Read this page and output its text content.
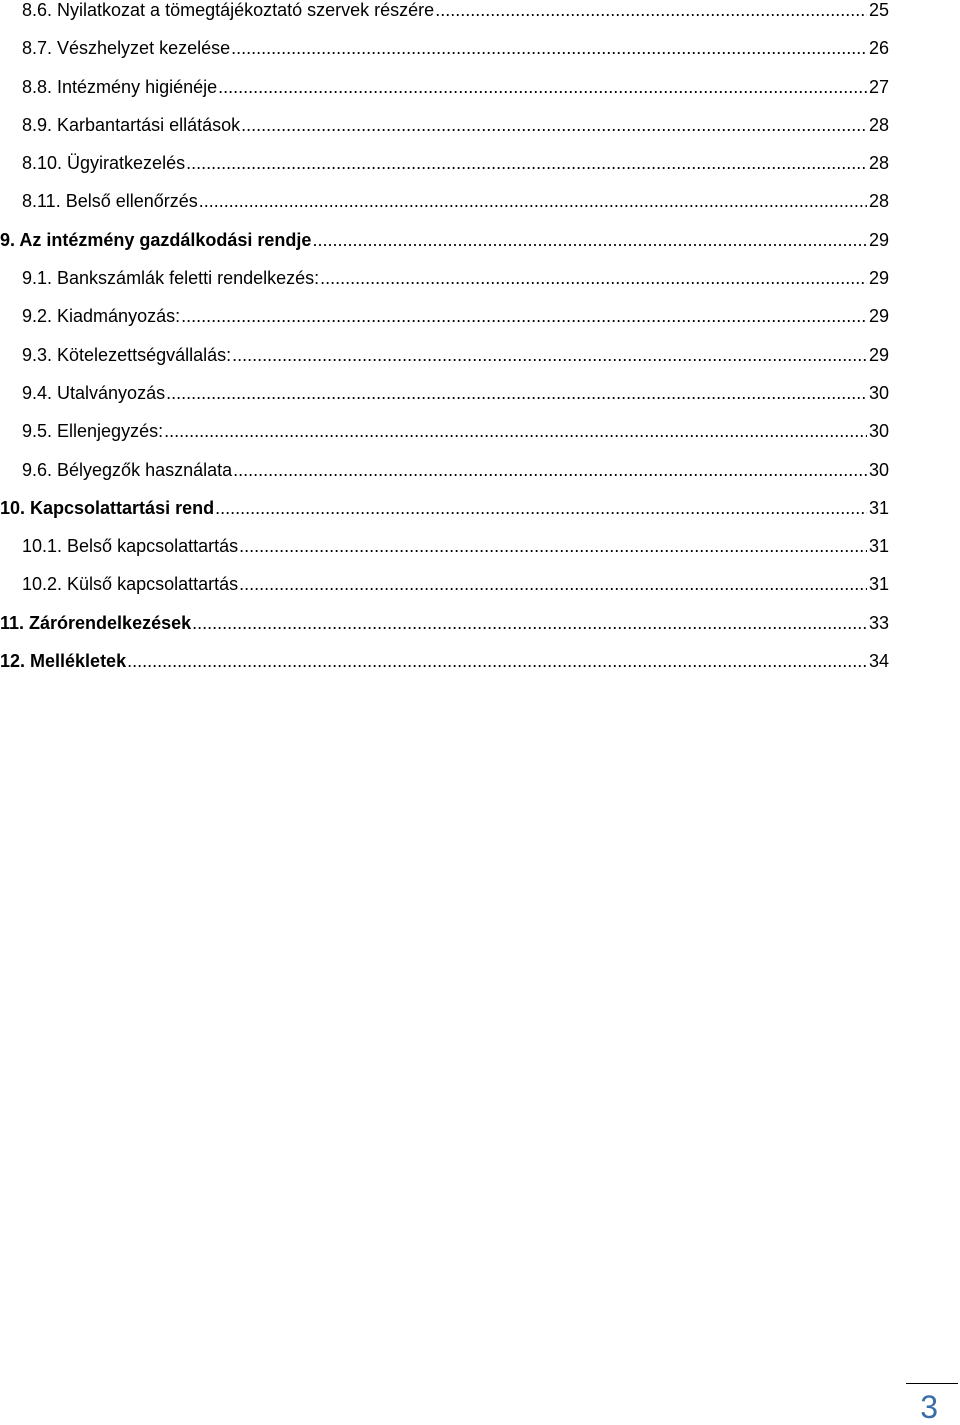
8.6. Nyilatkozat a tömegtájékoztató szervek részére .....	25
8.7. Vészhelyzet kezelése .....	26
8.8. Intézmény higiénéje .....	27
8.9. Karbantartási ellátások .....	28
8.10. Ügyiratkezelés .....	28
8.11. Belső ellenőrzés .....	28
9. Az intézmény gazdálkodási rendje .....	29
9.1. Bankszámlák feletti rendelkezés: .....	29
9.2. Kiadmányozás: .....	29
9.3. Kötelezettségvállalás: .....	29
9.4. Utalványozás .....	30
9.5. Ellenjegyzés: .....	30
9.6. Bélyegzők használata .....	30
10. Kapcsolattartási rend .....	31
10.1. Belső kapcsolattartás .....	31
10.2. Külső kapcsolattartás .....	31
11. Zárórendelkezések .....	33
12. Mellékletek .....	34
3
